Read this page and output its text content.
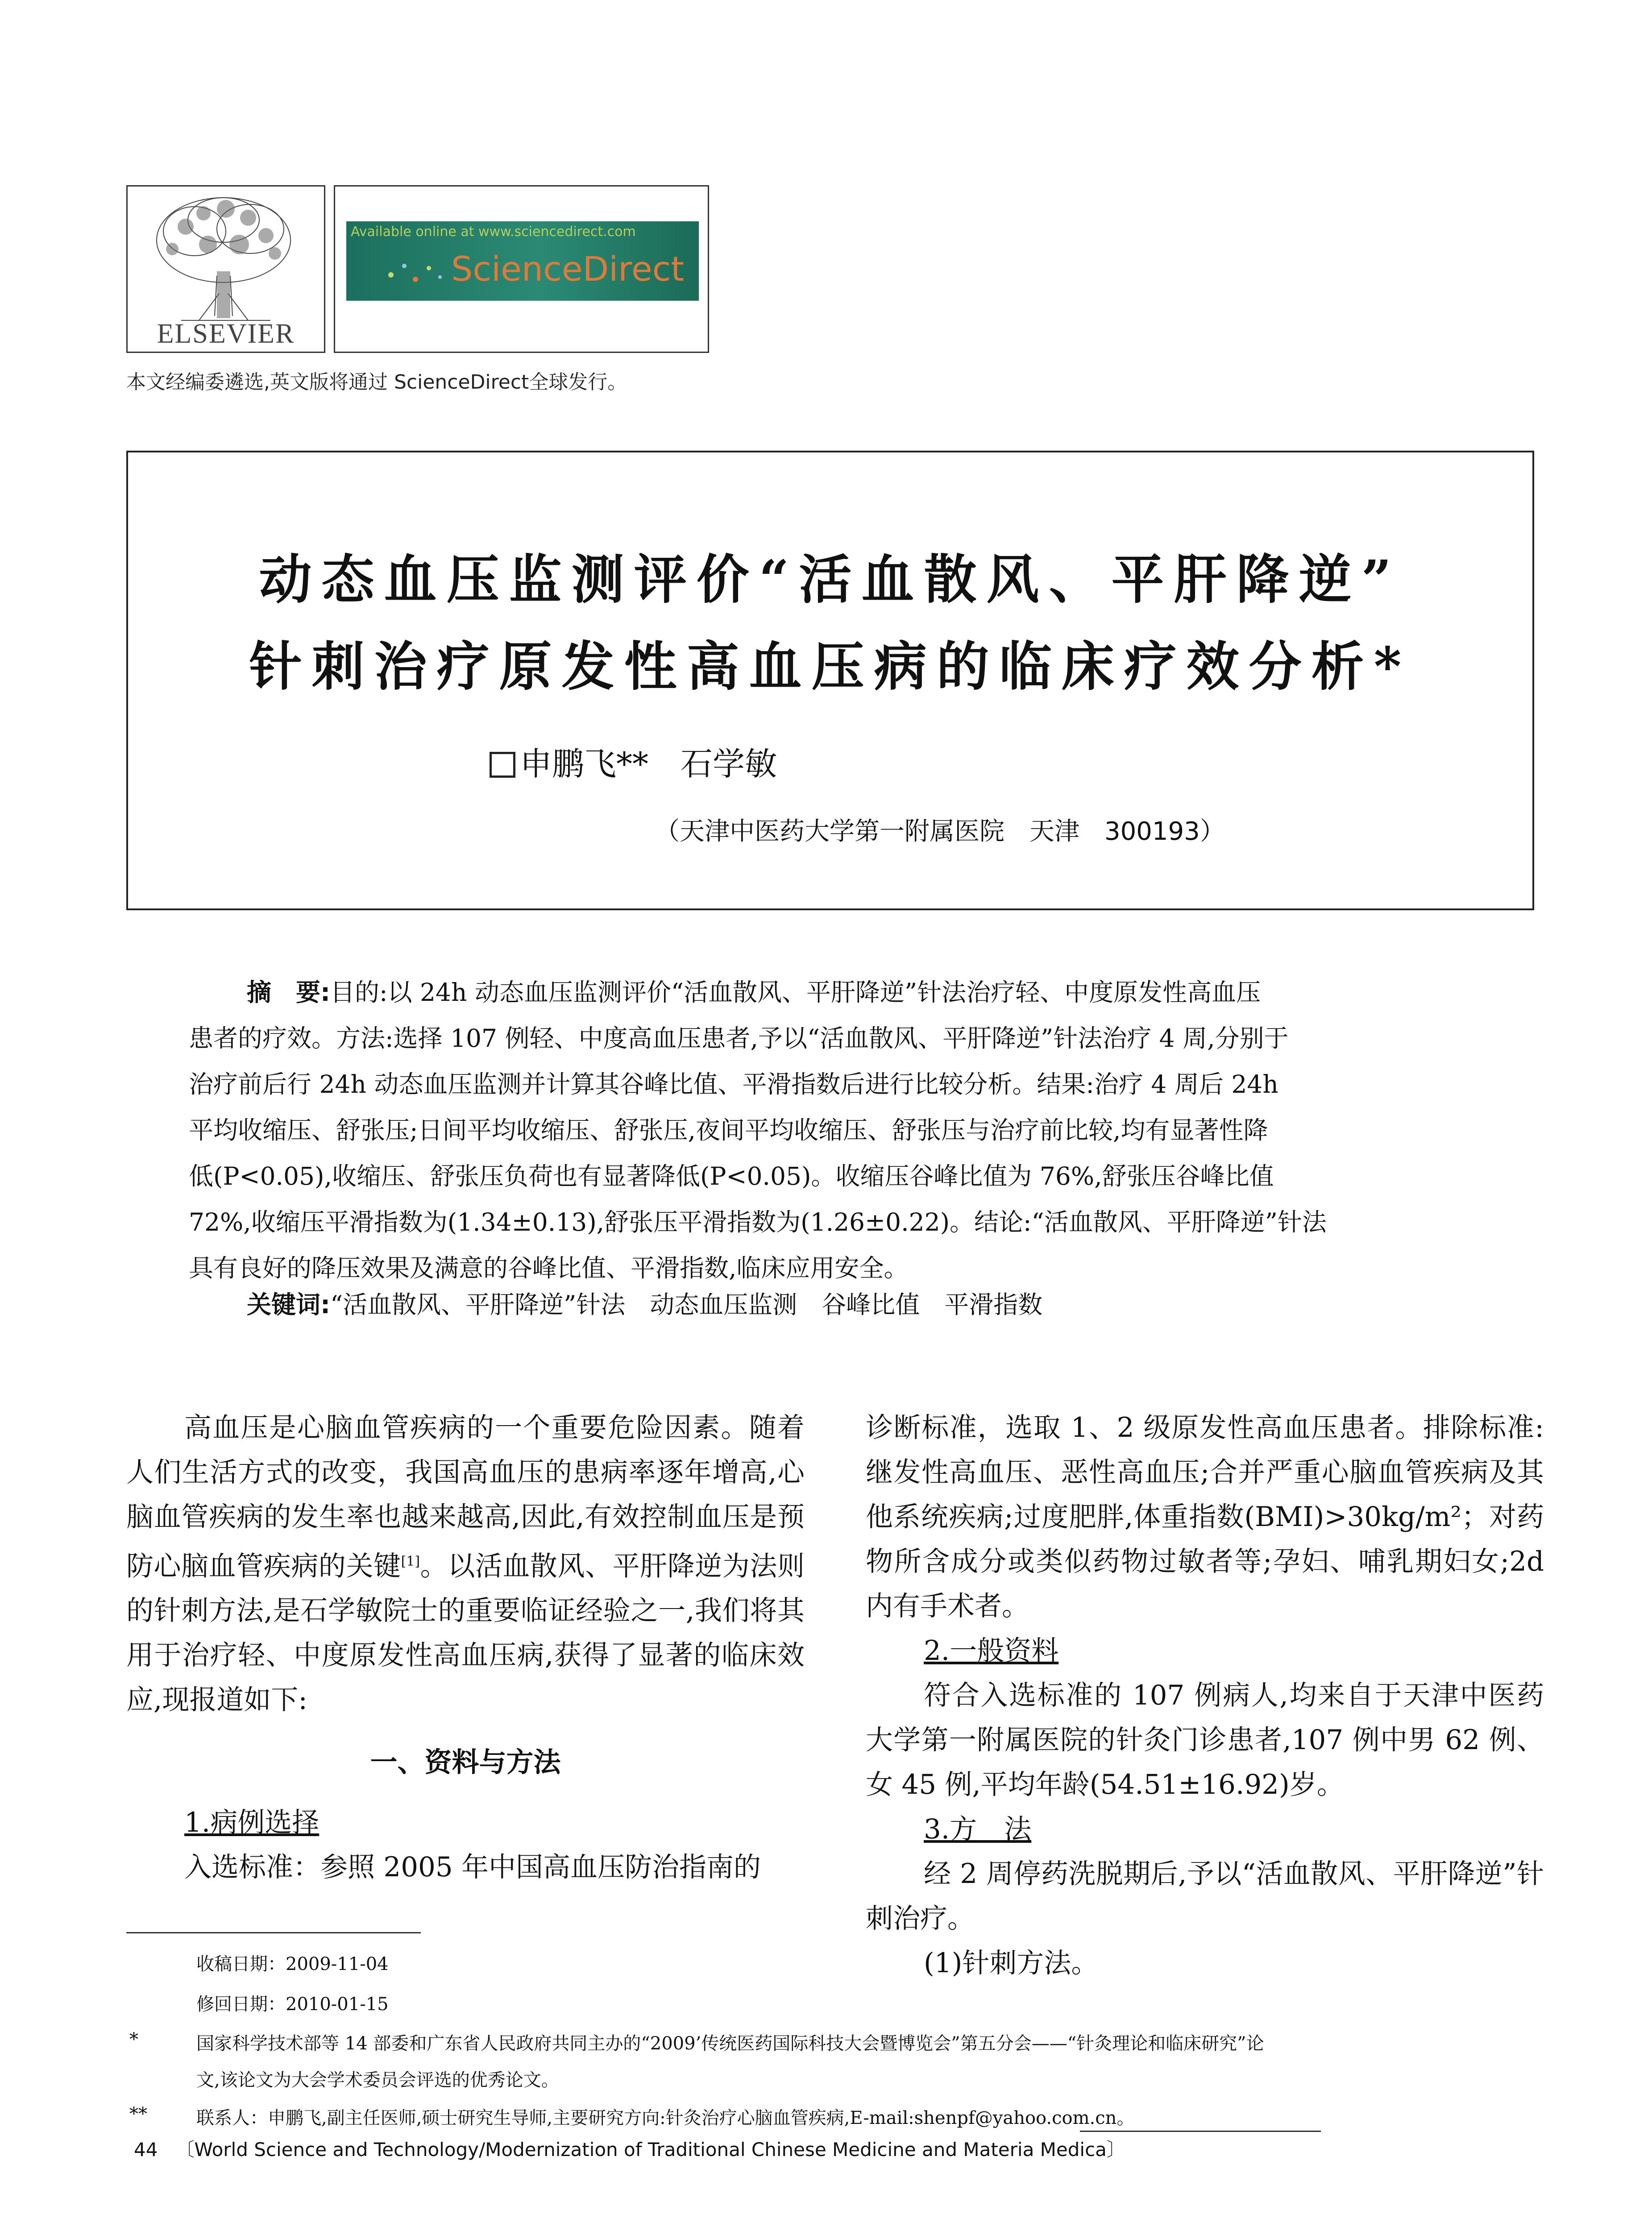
ELSEVIER
Available online at www.sciencedirect.com
ScienceDirect
本文经编委遴选,英文版将通过 ScienceDirect全球发行。
动态血压监测评价“活血散风、平肝降逆”
针刺治疗原发性高血压病的临床疗效分析*
申鹏飞**　石学敏
（天津中医药大学第一附属医院　天津　300193）
摘　要:目的:以 24h 动态血压监测评价“活血散风、平肝降逆”针法治疗轻、中度原发性高血压
患者的疗效。方法:选择 107 例轻、中度高血压患者,予以“活血散风、平肝降逆”针法治疗 4 周,分别于
治疗前后行 24h 动态血压监测并计算其谷峰比值、平滑指数后进行比较分析。结果:治疗 4 周后 24h
平均收缩压、舒张压;日间平均收缩压、舒张压,夜间平均收缩压、舒张压与治疗前比较,均有显著性降
低(P<0.05),收缩压、舒张压负荷也有显著降低(P<0.05)。收缩压谷峰比值为 76%,舒张压谷峰比值
72%,收缩压平滑指数为(1.34±0.13),舒张压平滑指数为(1.26±0.22)。结论:“活血散风、平肝降逆”针法
具有良好的降压效果及满意的谷峰比值、平滑指数,临床应用安全。
关键词:“活血散风、平肝降逆”针法　动态血压监测　谷峰比值　平滑指数

高血压是心脑血管疾病的一个重要危险因素。随着人们生活方式的改变，我国高血压的患病率逐年增高,心脑血管疾病的发生率也越来越高,因此,有效控制血压是预防心脑血管疾病的关键[1]。以活血散风、平肝降逆为法则的针刺方法,是石学敏院士的重要临证经验之一,我们将其用于治疗轻、中度原发性高血压病,获得了显著的临床效应,现报道如下:

一、资料与方法

1.病例选择

入选标准：参照 2005 年中国高血压防治指南的

诊断标准，选取 1、2 级原发性高血压患者。排除标准:继发性高血压、恶性高血压;合并严重心脑血管疾病及其他系统疾病;过度肥胖,体重指数(BMI)>30kg/m²；对药物所含成分或类似药物过敏者等;孕妇、哺乳期妇女;2d 内有手术者。

2.一般资料

符合入选标准的 107 例病人,均来自于天津中医药大学第一附属医院的针灸门诊患者,107 例中男 62 例、女 45 例,平均年龄(54.51±16.92)岁。

3.方　法

经 2 周停药洗脱期后,予以“活血散风、平肝降逆”针刺治疗。

(1)针刺方法。

收稿日期：2009-11-04
修回日期：2010-01-15
*	国家科学技术部等 14 部委和广东省人民政府共同主办的“2009’传统医药国际科技大会暨博览会”第五分会——“针灸理论和临床研究”论
文,该论文为大会学术委员会评选的优秀论文。
**	联系人：申鹏飞,副主任医师,硕士研究生导师,主要研究方向:针灸治疗心脑血管疾病,E-mail:shenpf@yahoo.com.cn。
44 〔World Science and Technology/Modernization of Traditional Chinese Medicine and Materia Medica〕
